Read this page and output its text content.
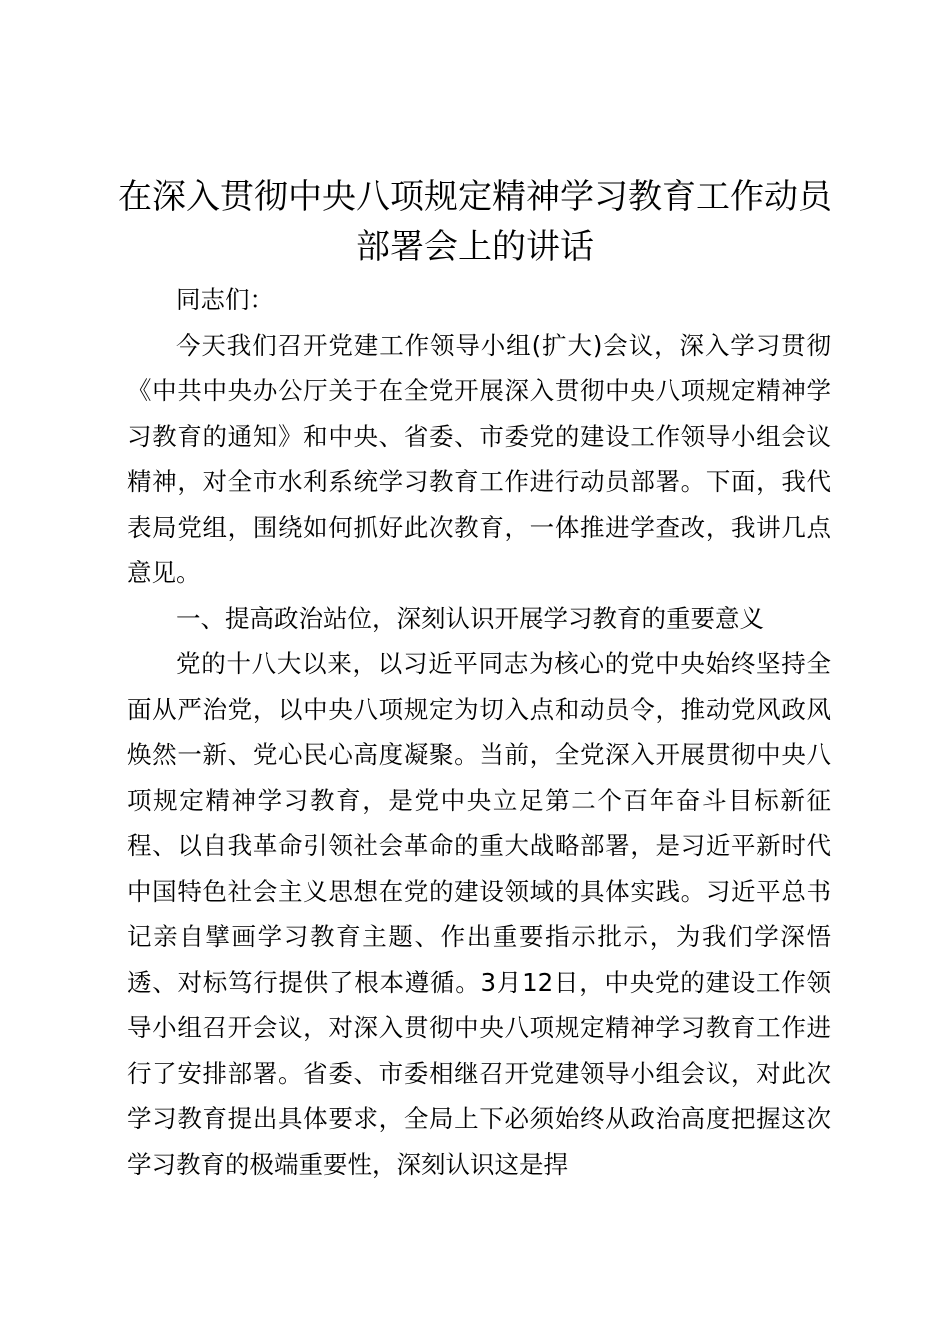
在深入贯彻中央八项规定精神学习教育工作动员部署会上的讲话

同志们：

今天我们召开党建工作领导小组(扩大)会议，深入学习贯彻《中共中央办公厅关于在全党开展深入贯彻中央八项规定精神学习教育的通知》和中央、省委、市委党的建设工作领导小组会议精神，对全市水利系统学习教育工作进行动员部署。下面，我代表局党组，围绕如何抓好此次教育，一体推进学查改，我讲几点意见。

一、提高政治站位，深刻认识开展学习教育的重要意义

党的十八大以来，以习近平同志为核心的党中央始终坚持全面从严治党，以中央八项规定为切入点和动员令，推动党风政风焕然一新、党心民心高度凝聚。当前，全党深入开展贯彻中央八项规定精神学习教育，是党中央立足第二个百年奋斗目标新征程、以自我革命引领社会革命的重大战略部署，是习近平新时代中国特色社会主义思想在党的建设领域的具体实践。习近平总书记亲自擘画学习教育主题、作出重要指示批示，为我们学深悟透、对标笃行提供了根本遵循。3月12日，中央党的建设工作领导小组召开会议，对深入贯彻中央八项规定精神学习教育工作进行了安排部署。省委、市委相继召开党建领导小组会议，对此次学习教育提出具体要求，全局上下必须始终从政治高度把握这次学习教育的极端重要性，深刻认识这是捍
